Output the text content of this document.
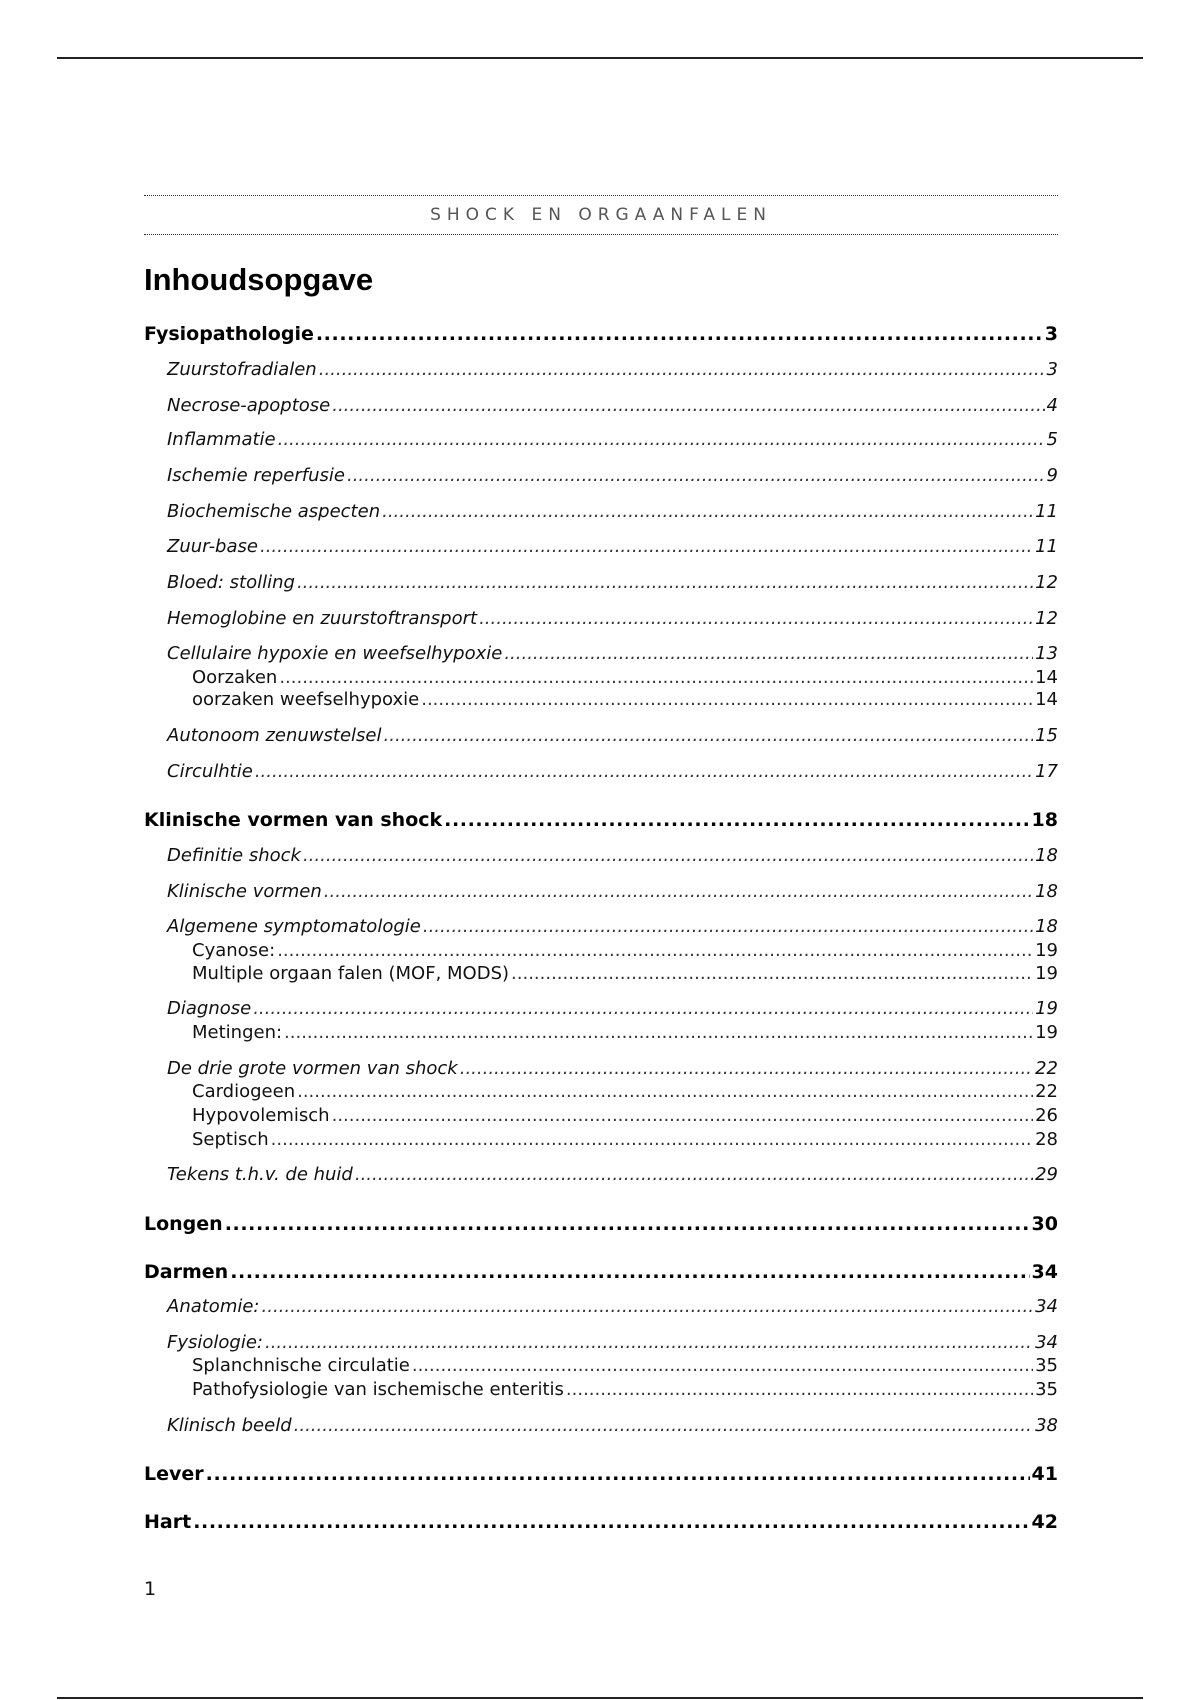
SHOCK EN ORGAANFALEN
Inhoudsopgave
Fysiopathologie .....	3
Zuurstofradialen .....	3
Necrose-apoptose .....	4
Inflammatie .....	5
Ischemie reperfusie .....	9
Biochemische aspecten .....	11
Zuur-base .....	11
Bloed: stolling .....	12
Hemoglobine en zuurstoftransport .....	12
Cellulaire hypoxie en weefselhypoxie .....	13
Oorzaken .....	14
oorzaken weefselhypoxie .....	14
Autonoom zenuwstelsel .....	15
Circulhtie .....	17
Klinische vormen van shock .....	18
Definitie shock .....	18
Klinische vormen .....	18
Algemene symptomatologie .....	18
Cyanose: .....	19
Multiple orgaan falen (MOF, MODS) .....	19
Diagnose .....	19
Metingen: .....	19
De drie grote vormen van shock .....	22
Cardiogeen .....	22
Hypovolemisch .....	26
Septisch .....	28
Tekens t.h.v. de huid .....	29
Longen .....	30
Darmen .....	34
Anatomie: .....	34
Fysiologie: .....	34
Splanchnische circulatie .....	35
Pathofysiologie van ischemische enteritis .....	35
Klinisch beeld .....	38
Lever .....	41
Hart .....	42
1
